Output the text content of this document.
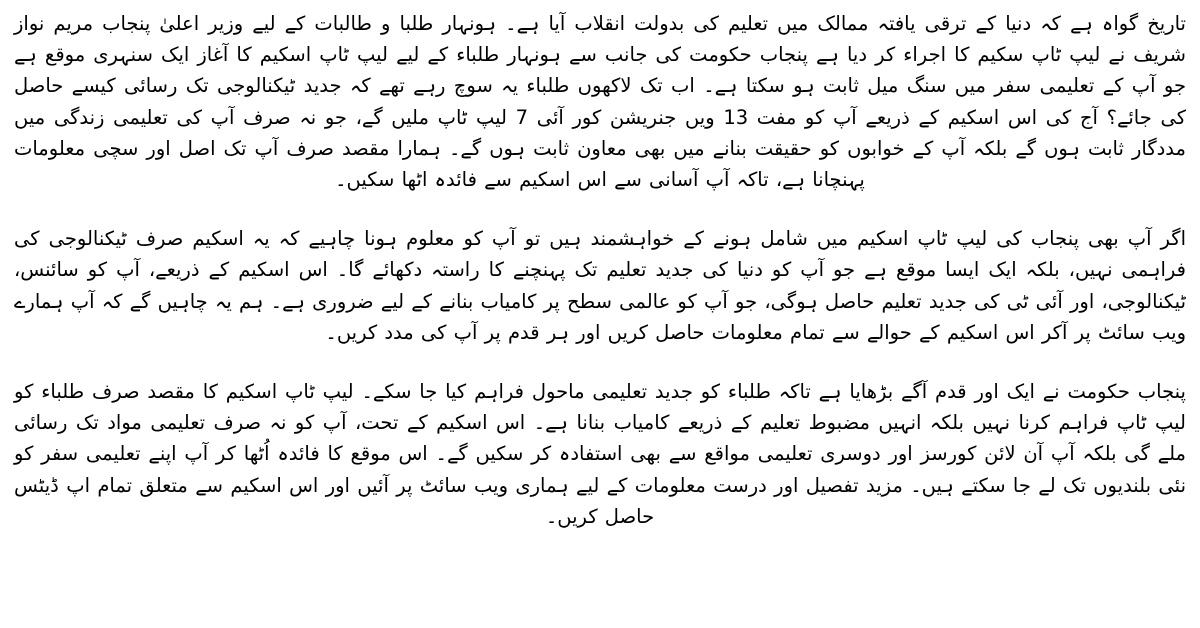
تاریخ گواہ ہے کہ دنیا کے ترقی یافتہ ممالک میں تعلیم کی بدولت انقلاب آیا ہے۔ ہونہار طلبا و طالبات کے لیے وزیر اعلیٰ پنجاب مریم نواز شریف نے لیپ ٹاپ سکیم کا اجراء کر دیا ہے پنجاب حکومت کی جانب سے ہونہار طلباء کے لیے لیپ ٹاپ اسکیم کا آغاز ایک سنہری موقع ہے جو آپ کے تعلیمی سفر میں سنگ میل ثابت ہو سکتا ہے۔ اب تک لاکھوں طلباء یہ سوچ رہے تھے کہ جدید ٹیکنالوجی تک رسائی کیسے حاصل کی جائے؟ آج کی اس اسکیم کے ذریعے آپ کو مفت 13 ویں جنریشن کور آئی 7 لیپ ٹاپ ملیں گے، جو نہ صرف آپ کی تعلیمی زندگی میں مددگار ثابت ہوں گے بلکہ آپ کے خوابوں کو حقیقت بنانے میں بھی معاون ثابت ہوں گے۔ ہمارا مقصد صرف آپ تک اصل اور سچی معلومات پہنچانا ہے، تاکہ آپ آسانی سے اس اسکیم سے فائدہ اٹھا سکیں۔

اگر آپ بھی پنجاب کی لیپ ٹاپ اسکیم میں شامل ہونے کے خواہشمند ہیں تو آپ کو معلوم ہونا چاہیے کہ یہ اسکیم صرف ٹیکنالوجی کی فراہمی نہیں، بلکہ ایک ایسا موقع ہے جو آپ کو دنیا کی جدید تعلیم تک پہنچنے کا راستہ دکھائے گا۔ اس اسکیم کے ذریعے، آپ کو سائنس، ٹیکنالوجی، اور آئی ٹی کی جدید تعلیم حاصل ہوگی، جو آپ کو عالمی سطح پر کامیاب بنانے کے لیے ضروری ہے۔ ہم یہ چاہیں گے کہ آپ ہمارے ویب سائٹ پر آکر اس اسکیم کے حوالے سے تمام معلومات حاصل کریں اور ہر قدم پر آپ کی مدد کریں۔

پنجاب حکومت نے ایک اور قدم آگے بڑھایا ہے تاکہ طلباء کو جدید تعلیمی ماحول فراہم کیا جا سکے۔ لیپ ٹاپ اسکیم کا مقصد صرف طلباء کو لیپ ٹاپ فراہم کرنا نہیں بلکہ انہیں مضبوط تعلیم کے ذریعے کامیاب بنانا ہے۔ اس اسکیم کے تحت، آپ کو نہ صرف تعلیمی مواد تک رسائی ملے گی بلکہ آپ آن لائن کورسز اور دوسری تعلیمی مواقع سے بھی استفادہ کر سکیں گے۔ اس موقع کا فائدہ اُٹھا کر آپ اپنے تعلیمی سفر کو نئی بلندیوں تک لے جا سکتے ہیں۔ مزید تفصیل اور درست معلومات کے لیے ہماری ویب سائٹ پر آئیں اور اس اسکیم سے متعلق تمام اپ ڈیٹس حاصل کریں۔
